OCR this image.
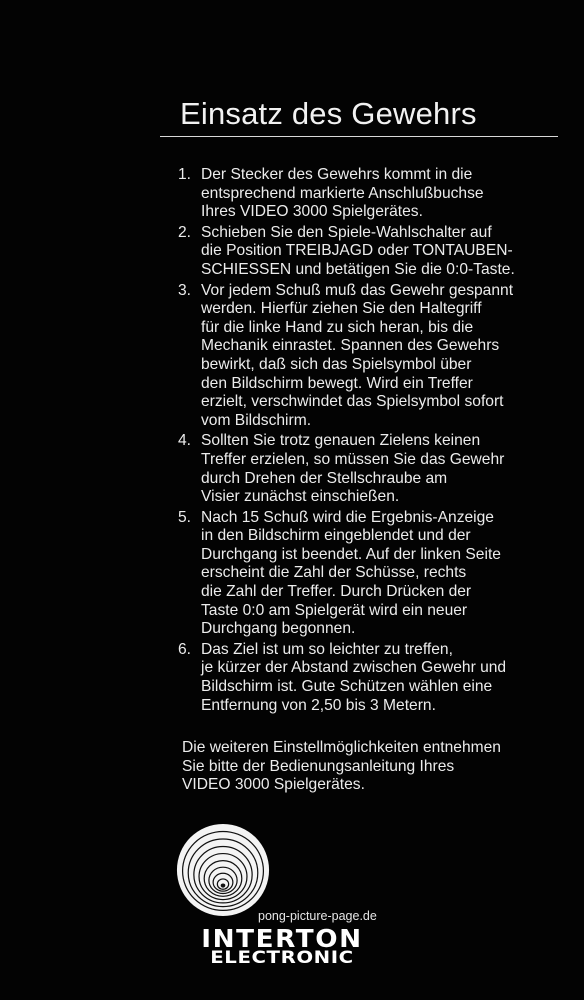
Einsatz des Gewehrs
1. Der Stecker des Gewehrs kommt in die
entsprechend markierte Anschlußbuchse
Ihres VIDEO 3000 Spielgerätes.
2. Schieben Sie den Spiele-Wahlschalter auf
die Position TREIBJAGD oder TONTAUBEN-
SCHIESSEN und betätigen Sie die 0:0-Taste.
3. Vor jedem Schuß muß das Gewehr gespannt
werden. Hierfür ziehen Sie den Haltegriff
für die linke Hand zu sich heran, bis die
Mechanik einrastet. Spannen des Gewehrs
bewirkt, daß sich das Spielsymbol über
den Bildschirm bewegt. Wird ein Treffer
erzielt, verschwindet das Spielsymbol sofort
vom Bildschirm.
4. Sollten Sie trotz genauen Zielens keinen
Treffer erzielen, so müssen Sie das Gewehr
durch Drehen der Stellschraube am
Visier zunächst einschießen.
5. Nach 15 Schuß wird die Ergebnis-Anzeige
in den Bildschirm eingeblendet und der
Durchgang ist beendet. Auf der linken Seite
erscheint die Zahl der Schüsse, rechts
die Zahl der Treffer. Durch Drücken der
Taste 0:0 am Spielgerät wird ein neuer
Durchgang begonnen.
6. Das Ziel ist um so leichter zu treffen,
je kürzer der Abstand zwischen Gewehr und
Bildschirm ist. Gute Schützen wählen eine
Entfernung von 2,50 bis 3 Metern.
Die weiteren Einstellmöglichkeiten entnehmen
Sie bitte der Bedienungsanleitung Ihres
VIDEO 3000 Spielgerätes.
pong-picture-page.de
INTERTON
ELECTRONIC
